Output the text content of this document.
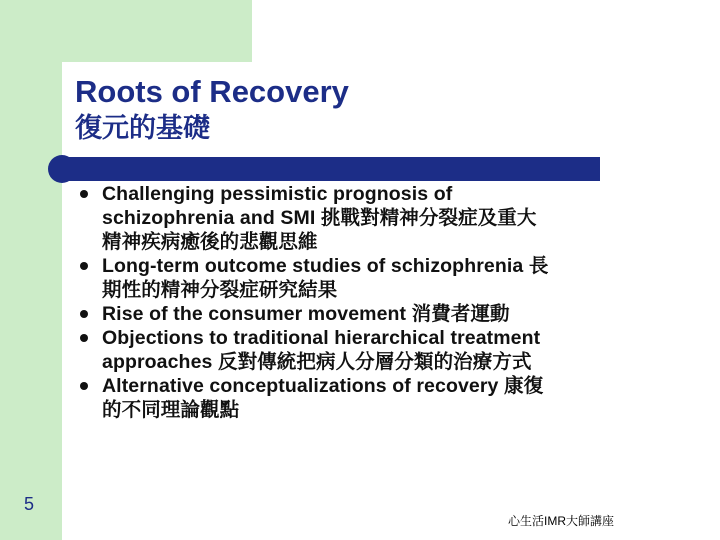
Roots of Recovery
復元的基礎
Challenging pessimistic prognosis of
schizophrenia and SMI 挑戰對精神分裂症及重大
精神疾病癒後的悲觀思維
Long-term outcome studies of schizophrenia 長
期性的精神分裂症研究結果
Rise of the consumer movement 消費者運動
Objections to traditional hierarchical treatment
approaches 反對傳統把病人分層分類的治療方式
Alternative conceptualizations of recovery 康復
的不同理論觀點
5
心生活IMR大師講座
